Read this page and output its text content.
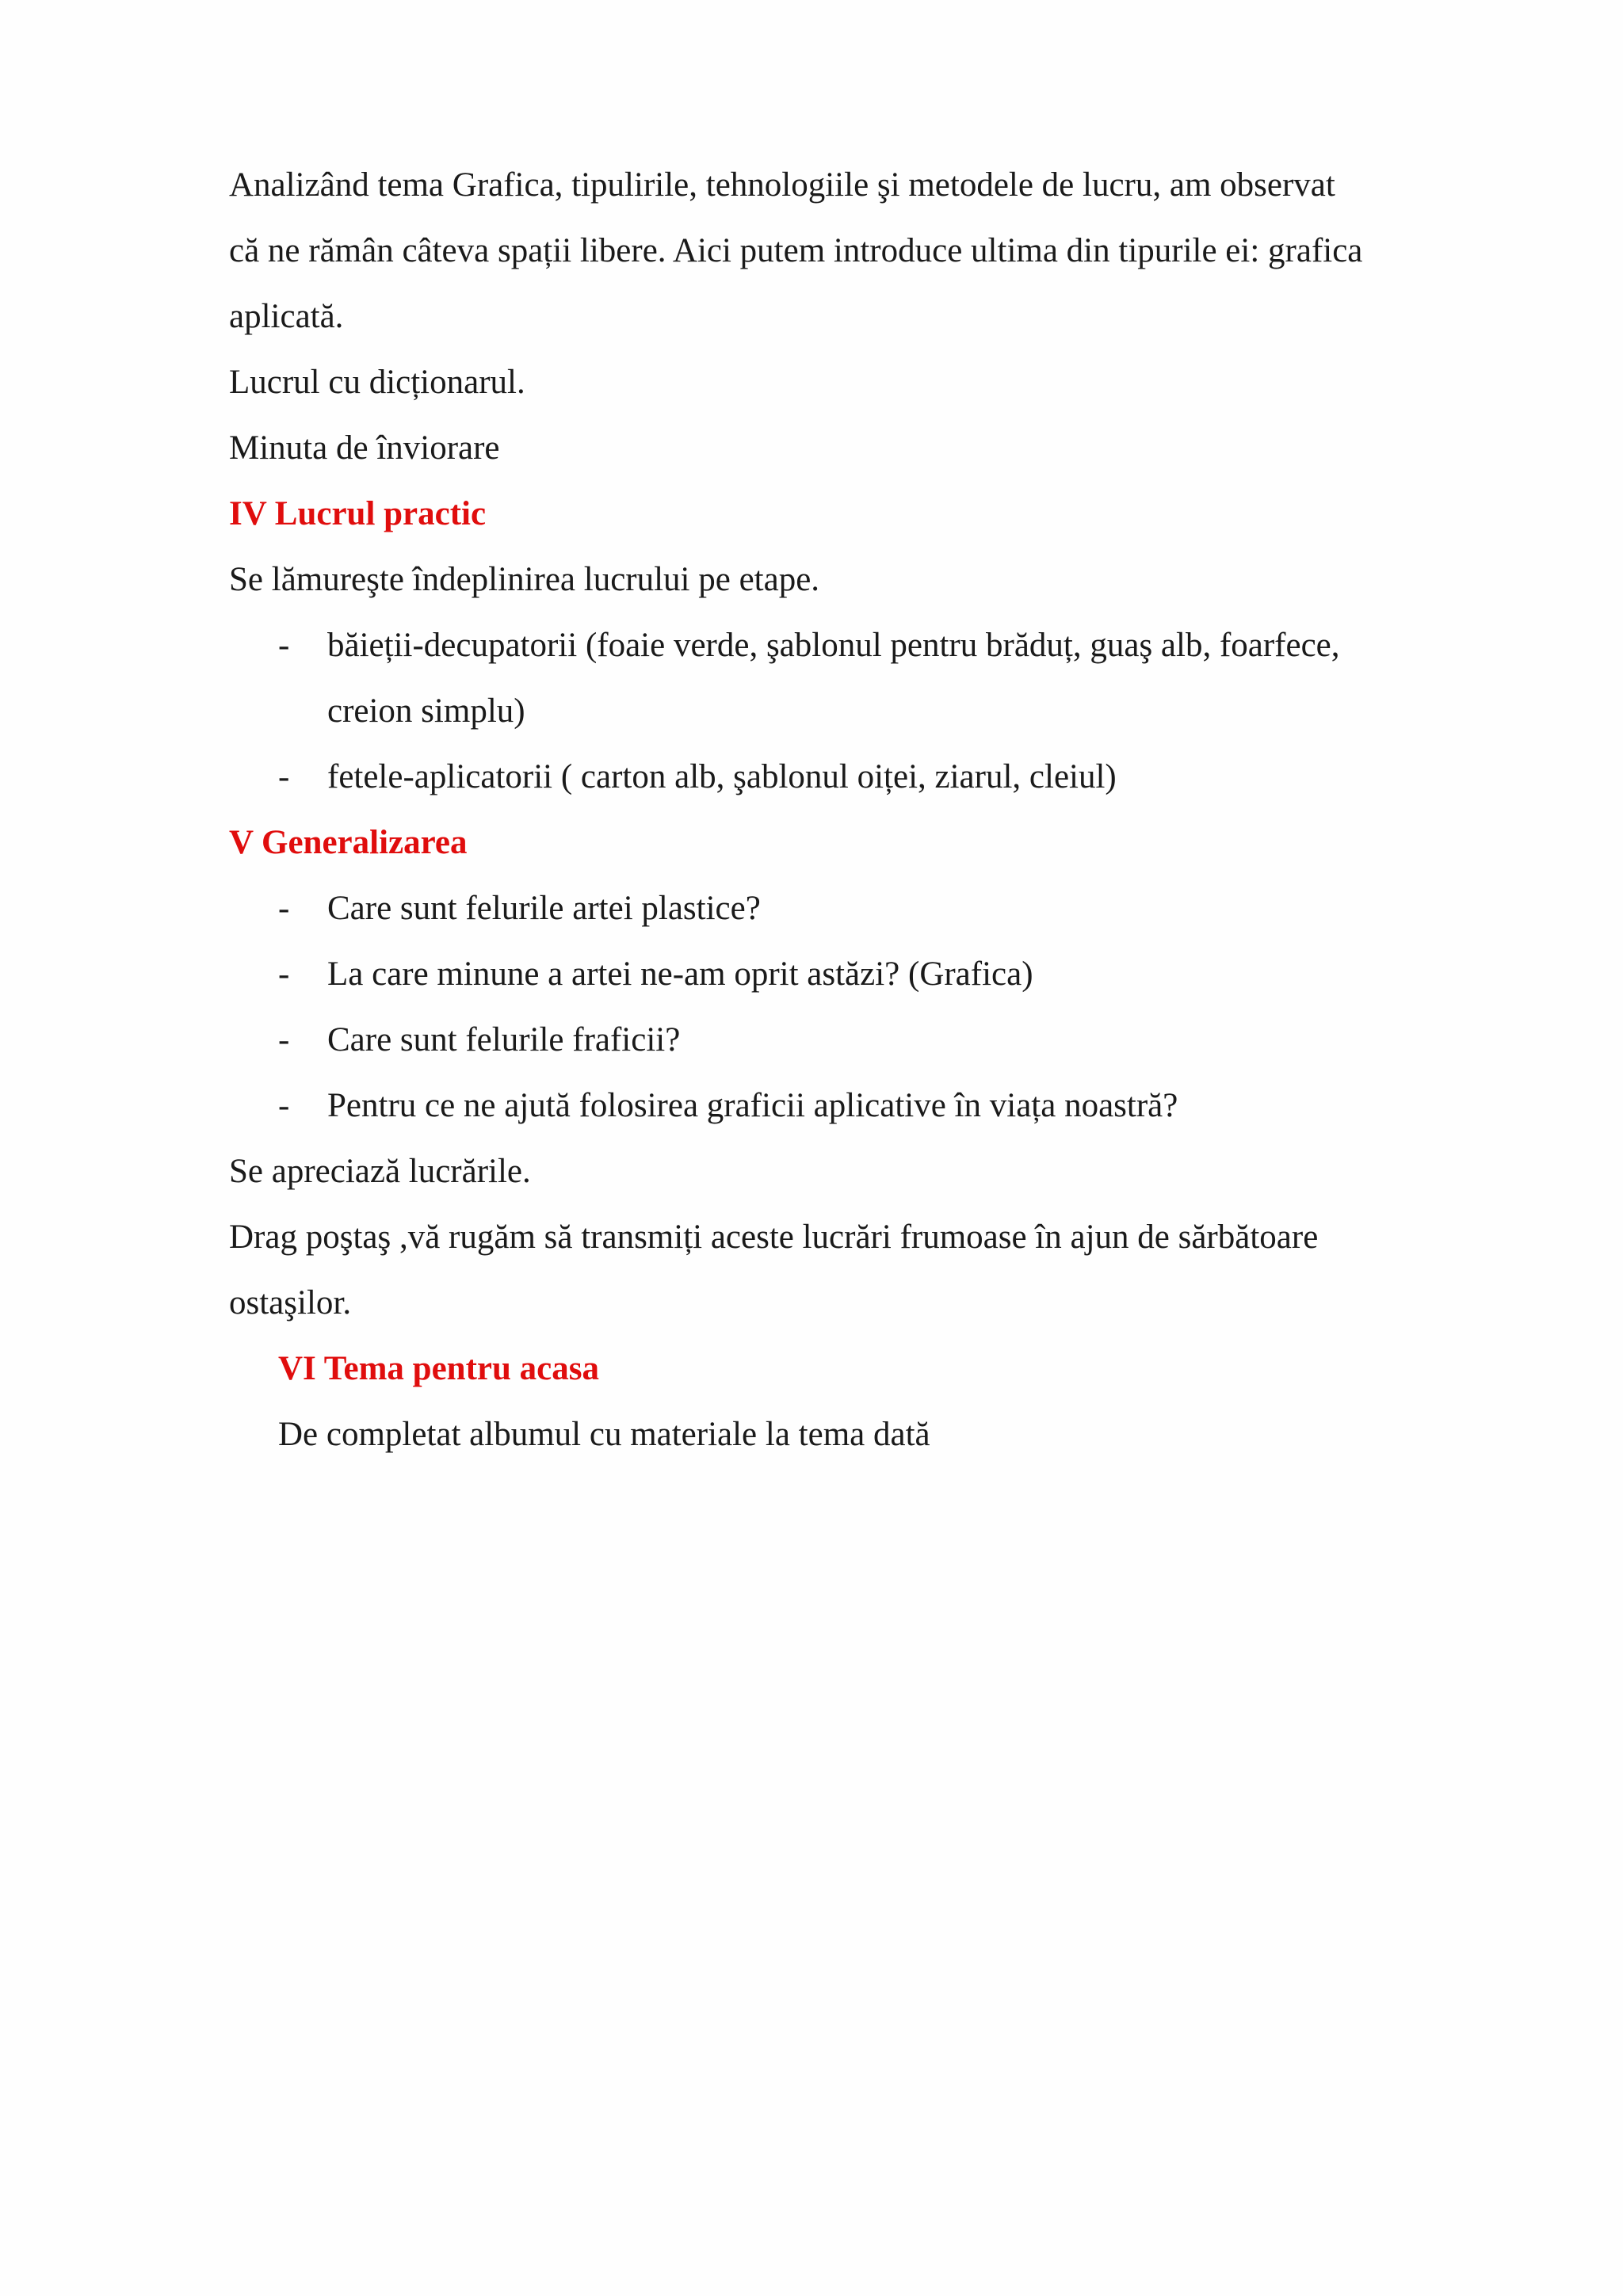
Analizând tema Grafica, tipulirile, tehnologiile şi metodele de lucru, am observat

că ne rămân câteva spații libere. Aici putem introduce ultima din tipurile ei: grafica

aplicată.

Lucrul cu dicționarul.

Minuta de înviorare

IV Lucrul practic

Se lămureşte îndeplinirea lucrului pe etape.

- băieții-decupatorii (foaie verde, şablonul pentru brăduț, guaş alb, foarfece,
creion simplu)
- fetele-aplicatorii ( carton alb, şablonul oiței, ziarul, cleiul)

V Generalizarea

- Care sunt felurile artei plastice?
- La care minune a artei ne-am oprit astăzi? (Grafica)
- Care sunt felurile fraficii?
- Pentru ce ne ajută folosirea graficii aplicative în viața noastră?

Se apreciază lucrările.

Drag poştaş ,vă rugăm să transmiți aceste lucrări frumoase în ajun de sărbătoare

ostaşilor.

VI Tema pentru acasa

De completat albumul cu materiale la tema dată
